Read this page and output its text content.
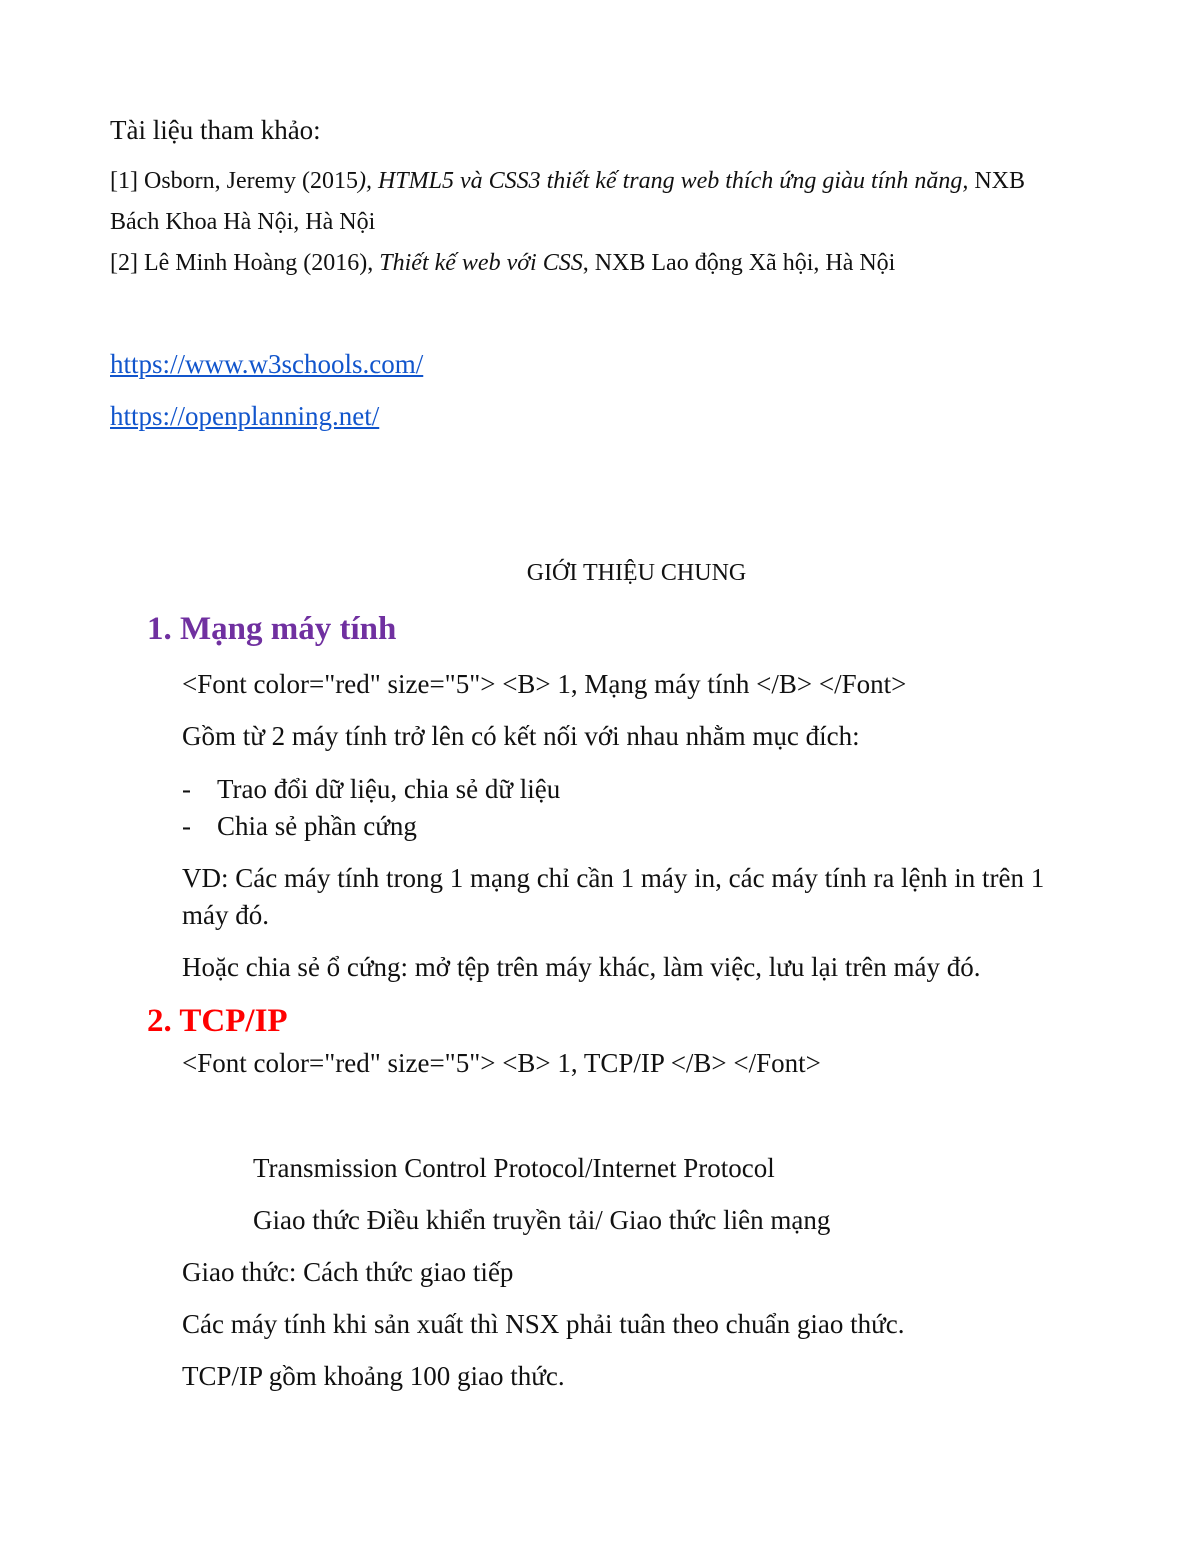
Tài liệu tham khảo:
[1] Osborn, Jeremy (2015), HTML5 và CSS3 thiết kế trang web thích ứng giàu tính năng, NXB
Bách Khoa Hà Nội, Hà Nội
[2] Lê Minh Hoàng (2016), Thiết kế web với CSS, NXB Lao động Xã hội, Hà Nội
https://www.w3schools.com/
https://openplanning.net/
GIỚI THIỆU CHUNG
1. Mạng máy tính
<Font color="red" size="5"> <B> 1, Mạng máy tính </B> </Font>
Gồm từ 2 máy tính trở lên có kết nối với nhau nhằm mục đích:
- Trao đổi dữ liệu, chia sẻ dữ liệu
- Chia sẻ phần cứng
VD: Các máy tính trong 1 mạng chỉ cần 1 máy in, các máy tính ra lệnh in trên 1
máy đó.
Hoặc chia sẻ ổ cứng: mở tệp trên máy khác, làm việc, lưu lại trên máy đó.
2. TCP/IP
<Font color="red" size="5"> <B> 1, TCP/IP </B> </Font>
Transmission Control Protocol/Internet Protocol
Giao thức Điều khiển truyền tải/ Giao thức liên mạng
Giao thức: Cách thức giao tiếp
Các máy tính khi sản xuất thì NSX phải tuân theo chuẩn giao thức.
TCP/IP gồm khoảng 100 giao thức.
